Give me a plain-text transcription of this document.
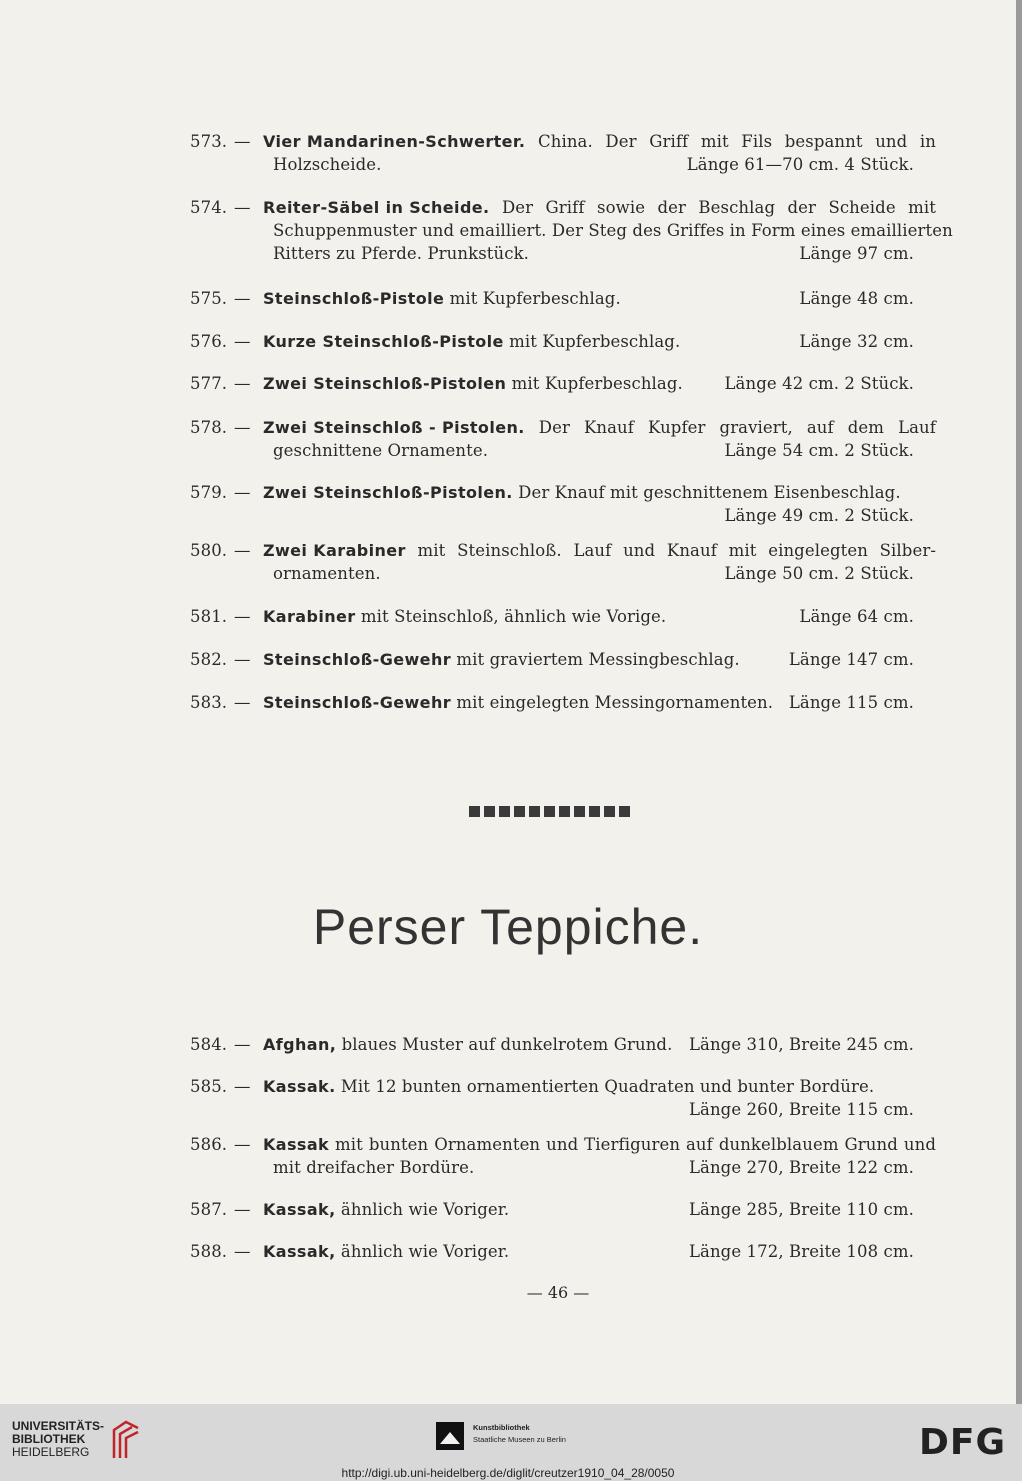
573. — Vier Mandarinen-Schwerter. China. Der Griff mit Fils bespannt und in
Holzscheide.	Länge 61—70 cm. 4 Stück.
574. — Reiter-Säbel in Scheide. Der Griff sowie der Beschlag der Scheide mit
Schuppenmuster und emailliert. Der Steg des Griffes in Form eines emaillierten
Ritters zu Pferde. Prunkstück.	Länge 97 cm.
575. — Steinschloß-Pistole mit Kupferbeschlag.	Länge 48 cm.
576. — Kurze Steinschloß-Pistole mit Kupferbeschlag.	Länge 32 cm.
577. — Zwei Steinschloß-Pistolen mit Kupferbeschlag.	Länge 42 cm. 2 Stück.
578. — Zwei Steinschloß - Pistolen. Der Knauf Kupfer graviert, auf dem Lauf
geschnittene Ornamente.	Länge 54 cm. 2 Stück.
579. — Zwei Steinschloß-Pistolen. Der Knauf mit geschnittenem Eisenbeschlag.
Länge 49 cm. 2 Stück.
580. — Zwei Karabiner mit Steinschloß. Lauf und Knauf mit eingelegten Silber-
ornamenten.	Länge 50 cm. 2 Stück.
581. — Karabiner mit Steinschloß, ähnlich wie Vorige.	Länge 64 cm.
582. — Steinschloß-Gewehr mit graviertem Messingbeschlag.	Länge 147 cm.
583. — Steinschloß-Gewehr mit eingelegten Messingornamenten. Länge 115 cm.
Perser Teppiche.
584. — Afghan, blaues Muster auf dunkelrotem Grund.	Länge 310, Breite 245 cm.
585. — Kassak. Mit 12 bunten ornamentierten Quadraten und bunter Bordüre.
Länge 260, Breite 115 cm.
586. — Kassak mit bunten Ornamenten und Tierfiguren auf dunkelblauem Grund und
mit dreifacher Bordüre.	Länge 270, Breite 122 cm.
587. — Kassak, ähnlich wie Voriger.	Länge 285, Breite 110 cm.
588. — Kassak, ähnlich wie Voriger.	Länge 172, Breite 108 cm.
— 46 —
UNIVERSITÄTS-
BIBLIOTHEK
HEIDELBERG
Kunstbibliothek
Staatliche Museen zu Berlin	DFG
http://digi.ub.uni-heidelberg.de/diglit/creutzer1910_04_28/0050
